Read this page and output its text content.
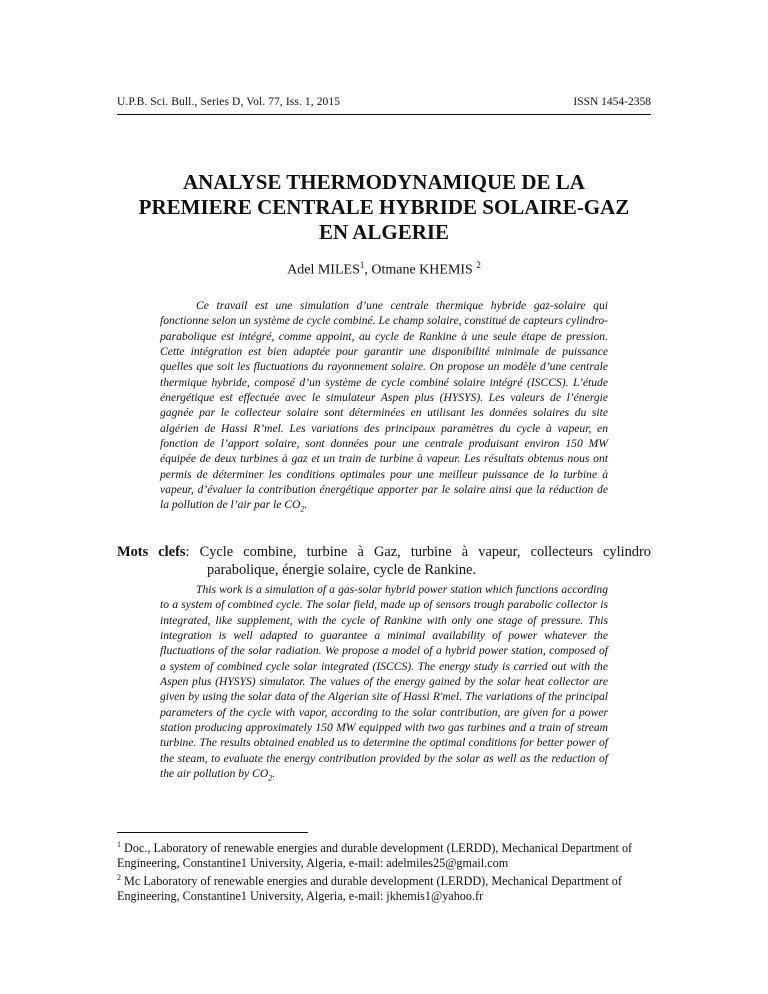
U.P.B. Sci. Bull., Series D, Vol. 77, Iss. 1, 2015	ISSN 1454-2358
ANALYSE THERMODYNAMIQUE DE LA
PREMIERE CENTRALE HYBRIDE SOLAIRE-GAZ
EN ALGERIE
Adel MILES$^1$, Otmane KHEMIS $^2$
Ce travail est une simulation d’une centrale thermique hybride gaz-solaire qui fonctionne selon un système de cycle combiné. Le champ solaire, constitué de capteurs cylindro-parabolique est intégré, comme appoint, au cycle de Rankine à une seule étape de pression. Cette intégration est bien adaptée pour garantir une disponibilité minimale de puissance quelles que soit les fluctuations du rayonnement solaire. On propose un modèle d’une centrale thermique hybride, composé d’un système de cycle combiné solaire intégré (ISCCS). L’étude énergétique est effectuée avec le simulateur Aspen plus (HYSYS). Les valeurs de l’énergie gagnée par le collecteur solaire sont déterminées en utilisant les données solaires du site algérien de Hassi R’mel. Les variations des principaux paramètres du cycle à vapeur, en fonction de l’apport solaire, sont données pour une centrale produisant environ 150 MW équipée de deux turbines à gaz et un train de turbine à vapeur. Les résultats obtenus nous ont permis de déterminer les conditions optimales pour une meilleur puissance de la turbine à vapeur, d’évaluer la contribution énergétique apporter par le solaire ainsi que la réduction de la pollution de l’air par le $CO_2$.
Mots clefs: Cycle combine, turbine à Gaz, turbine à vapeur, collecteurs cylindro parabolique, énergie solaire, cycle de Rankine.
This work is a simulation of a gas-solar hybrid power station which functions according to a system of combined cycle. The solar field, made up of sensors trough parabolic collector is integrated, like supplement, with the cycle of Rankine with only one stage of pressure. This integration is well adapted to guarantee a minimal availability of power whatever the fluctuations of the solar radiation. We propose a model of a hybrid power station, composed of a system of combined cycle solar integrated (ISCCS). The energy study is carried out with the Aspen plus (HYSYS) simulator. The values of the energy gained by the solar heat collector are given by using the solar data of the Algerian site of Hassi R'mel. The variations of the principal parameters of the cycle with vapor, according to the solar contribution, are given for a power station producing approximately 150 MW equipped with two gas turbines and a train of stream turbine. The results obtained enabled us to determine the optimal conditions for better power of the steam, to evaluate the energy contribution provided by the solar as well as the reduction of the air pollution by $CO_2$.

$^1$ Doc., Laboratory of renewable energies and durable development (LERDD), Mechanical Department of Engineering, Constantine1 University, Algeria, e-mail: adelmiles25@gmail.com

$^2$ Mc Laboratory of renewable energies and durable development (LERDD), Mechanical Department of Engineering, Constantine1 University, Algeria, e-mail: jkhemis1@yahoo.fr
